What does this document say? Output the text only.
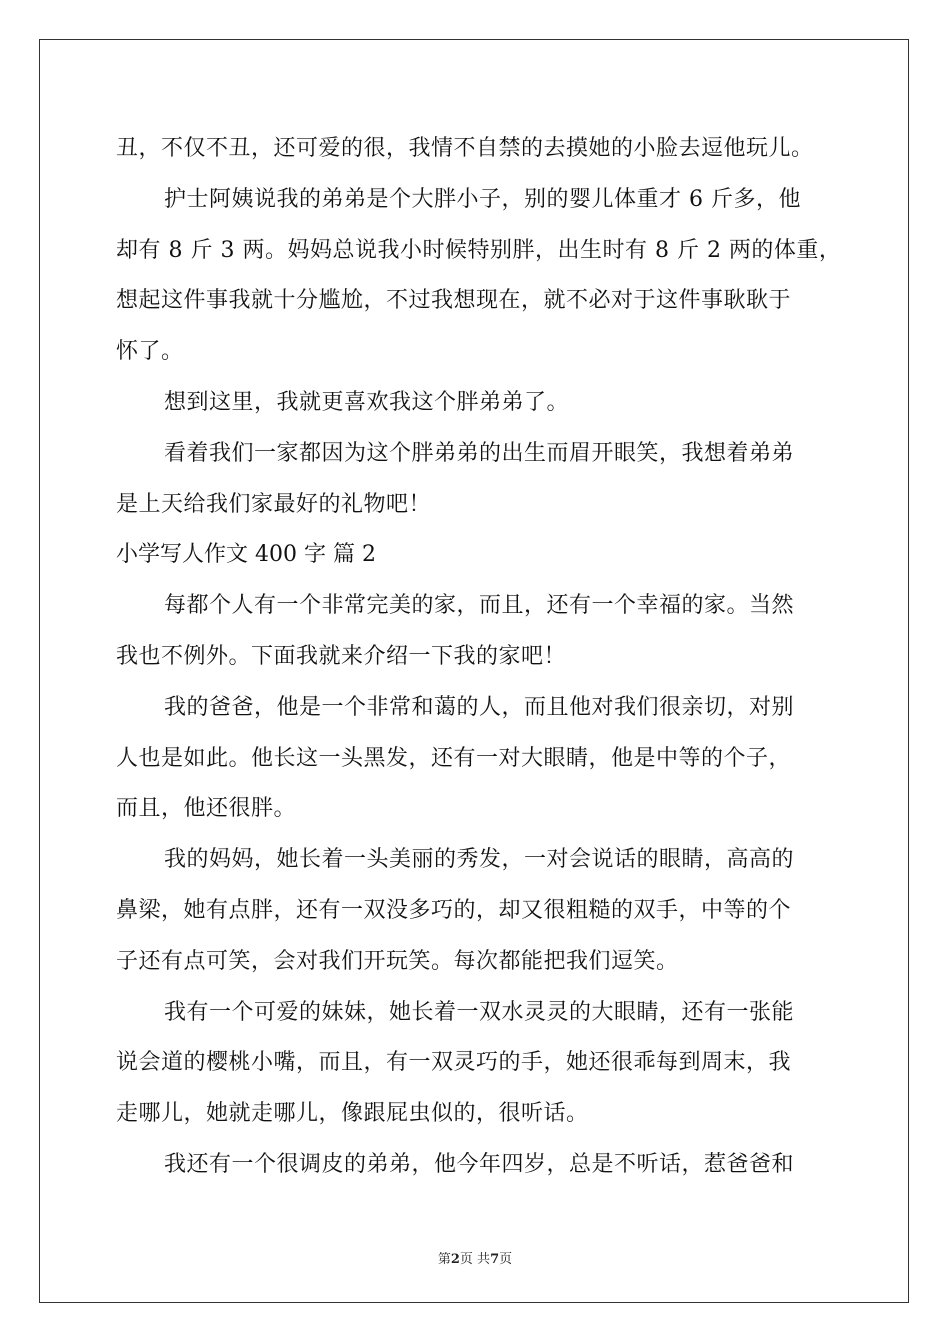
丑，不仅不丑，还可爱的很，我情不自禁的去摸她的小脸去逗他玩儿。
护士阿姨说我的弟弟是个大胖小子，别的婴儿体重才 6 斤多，他
却有 8 斤 3 两。妈妈总说我小时候特别胖，出生时有 8 斤 2 两的体重，
想起这件事我就十分尴尬，不过我想现在，就不必对于这件事耿耿于
怀了。
想到这里，我就更喜欢我这个胖弟弟了。
看着我们一家都因为这个胖弟弟的出生而眉开眼笑，我想着弟弟
是上天给我们家最好的礼物吧！
小学写人作文 400 字 篇 2
每都个人有一个非常完美的家，而且，还有一个幸福的家。当然
我也不例外。下面我就来介绍一下我的家吧！
我的爸爸，他是一个非常和蔼的人，而且他对我们很亲切，对别
人也是如此。他长这一头黑发，还有一对大眼睛，他是中等的个子，
而且，他还很胖。
我的妈妈，她长着一头美丽的秀发，一对会说话的眼睛，高高的
鼻梁，她有点胖，还有一双没多巧的，却又很粗糙的双手，中等的个
子还有点可笑，会对我们开玩笑。每次都能把我们逗笑。
我有一个可爱的妹妹，她长着一双水灵灵的大眼睛，还有一张能
说会道的樱桃小嘴，而且，有一双灵巧的手，她还很乖每到周末，我
走哪儿，她就走哪儿，像跟屁虫似的，很听话。
我还有一个很调皮的弟弟，他今年四岁，总是不听话，惹爸爸和
第2页 共7页
